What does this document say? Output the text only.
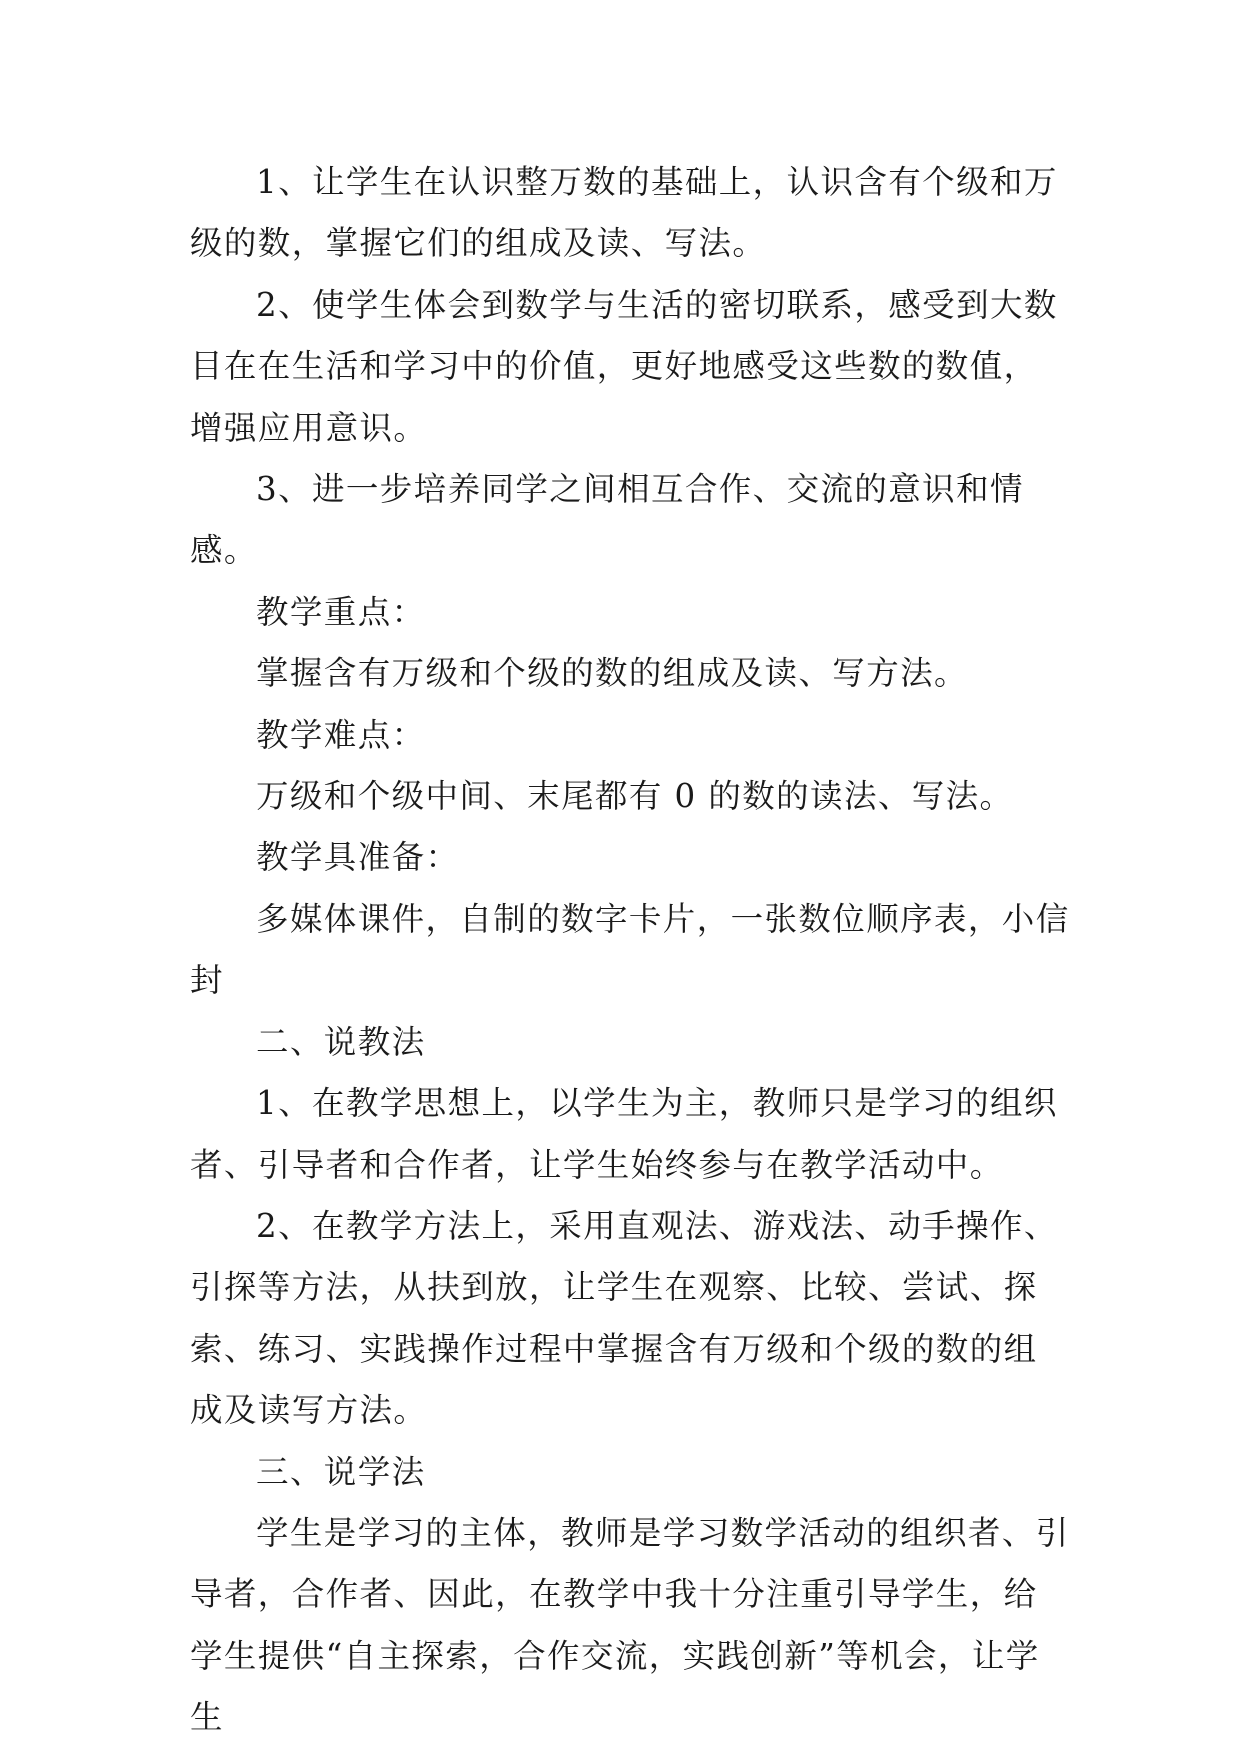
1、让学生在认识整万数的基础上，认识含有个级和万级的数，掌握它们的组成及读、写法。

2、使学生体会到数学与生活的密切联系，感受到大数目在在生活和学习中的价值，更好地感受这些数的数值，增强应用意识。

3、进一步培养同学之间相互合作、交流的意识和情感。

教学重点：

掌握含有万级和个级的数的组成及读、写方法。

教学难点：

万级和个级中间、末尾都有 0 的数的读法、写法。

教学具准备：

多媒体课件，自制的数字卡片，一张数位顺序表，小信封

二、说教法

1、在教学思想上，以学生为主，教师只是学习的组织者、引导者和合作者，让学生始终参与在教学活动中。

2、在教学方法上，采用直观法、游戏法、动手操作、引探等方法，从扶到放，让学生在观察、比较、尝试、探索、练习、实践操作过程中掌握含有万级和个级的数的组成及读写方法。

三、说学法

学生是学习的主体，教师是学习数学活动的组织者、引导者，合作者、因此，在教学中我十分注重引导学生，给学生提供“自主探索，合作交流，实践创新”等机会，让学生
